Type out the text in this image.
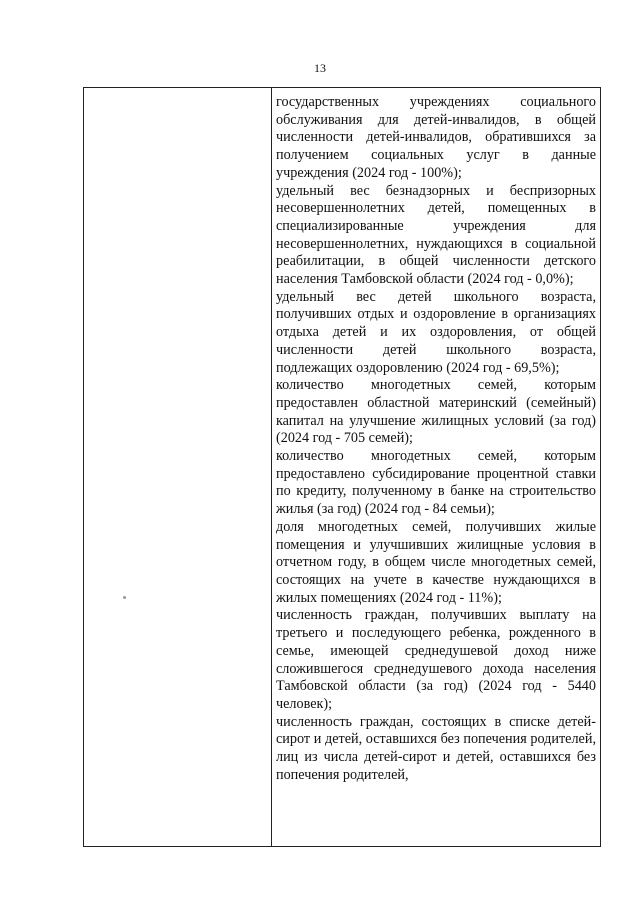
13

государственных учреждениях социального обслуживания для детей-инвалидов, в общей численности детей-инвалидов, обратившихся за получением социальных услуг в данные учреждения (2024 год - 100%);

удельный вес безнадзорных и беспризорных несовершеннолетних детей, помещенных в специализированные учреждения для несовершеннолетних, нуждающихся в социальной реабилитации, в общей численности детского населения Тамбовской области (2024 год - 0,0%);

удельный вес детей школьного возраста, получивших отдых и оздоровление в организациях отдыха детей и их оздоровления, от общей численности детей школьного возраста, подлежащих оздоровлению (2024 год - 69,5%);

количество многодетных семей, которым предоставлен областной материнский (семейный) капитал на улучшение жилищных условий (за год) (2024 год - 705 семей);

количество многодетных семей, которым предоставлено субсидирование процентной ставки по кредиту, полученному в банке на строительство жилья (за год) (2024 год - 84 семьи);

доля многодетных семей, получивших жилые помещения и улучшивших жилищные условия в отчетном году, в общем числе многодетных семей, состоящих на учете в качестве нуждающихся в жилых помещениях (2024 год - 11%);

численность граждан, получивших выплату на третьего и последующего ребенка, рожденного в семье, имеющей среднедушевой доход ниже сложившегося среднедушевого дохода населения Тамбовской области (за год) (2024 год - 5440 человек);

численность граждан, состоящих в списке детей-сирот и детей, оставшихся без попечения родителей, лиц из числа детей-сирот и детей, оставшихся без попечения родителей,
